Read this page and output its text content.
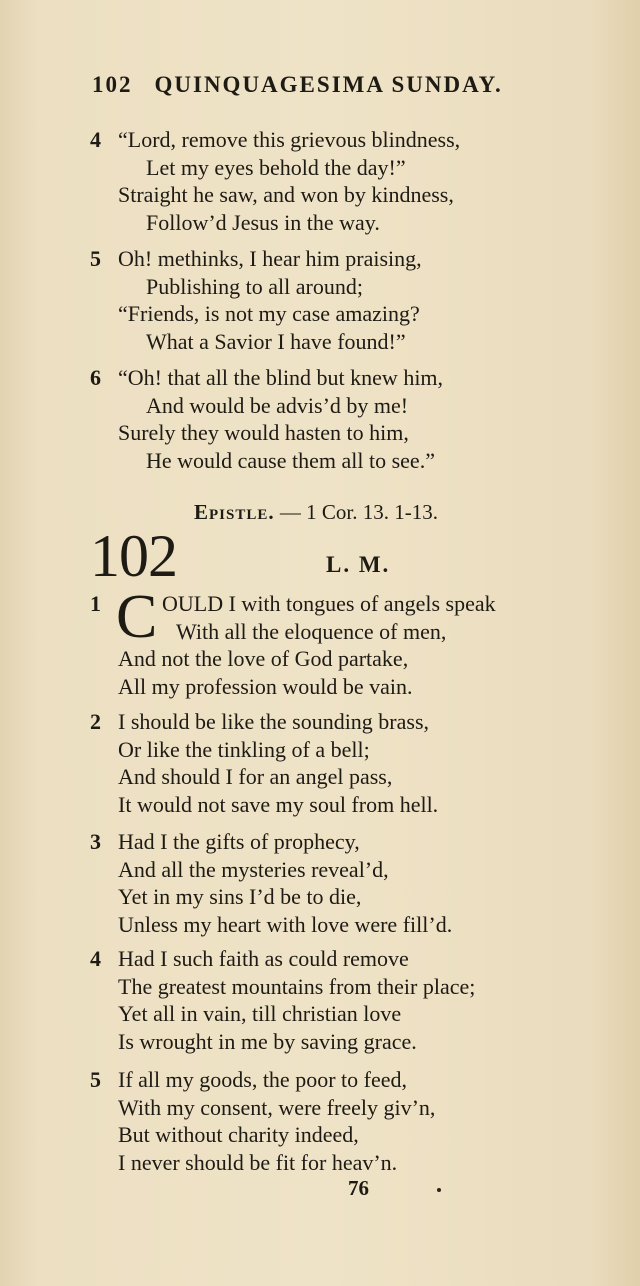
102 QUINQUAGESIMA SUNDAY.
4 “Lord, remove this grievous blindness,
Let my eyes behold the day!”
Straight he saw, and won by kindness,
Follow’d Jesus in the way.
5 Oh! methinks, I hear him praising,
Publishing to all around;
“Friends, is not my case amazing?
What a Savior I have found!”
6 “Oh! that all the blind but knew him,
And would be advis’d by me!
Surely they would hasten to him,
He would cause them all to see.”
Epistle. — 1 Cor. 13. 1-13.
102	L. M.
C
1	OULD I with tongues of angels speak
With all the eloquence of men,
And not the love of God partake,
All my profession would be vain.
2 I should be like the sounding brass,
Or like the tinkling of a bell;
And should I for an angel pass,
It would not save my soul from hell.
3 Had I the gifts of prophecy,
And all the mysteries reveal’d,
Yet in my sins I’d be to die,
Unless my heart with love were fill’d.
4 Had I such faith as could remove
The greatest mountains from their place;
Yet all in vain, till christian love
Is wrought in me by saving grace.
5 If all my goods, the poor to feed,
With my consent, were freely giv’n,
But without charity indeed,
I never should be fit for heav’n.
76
